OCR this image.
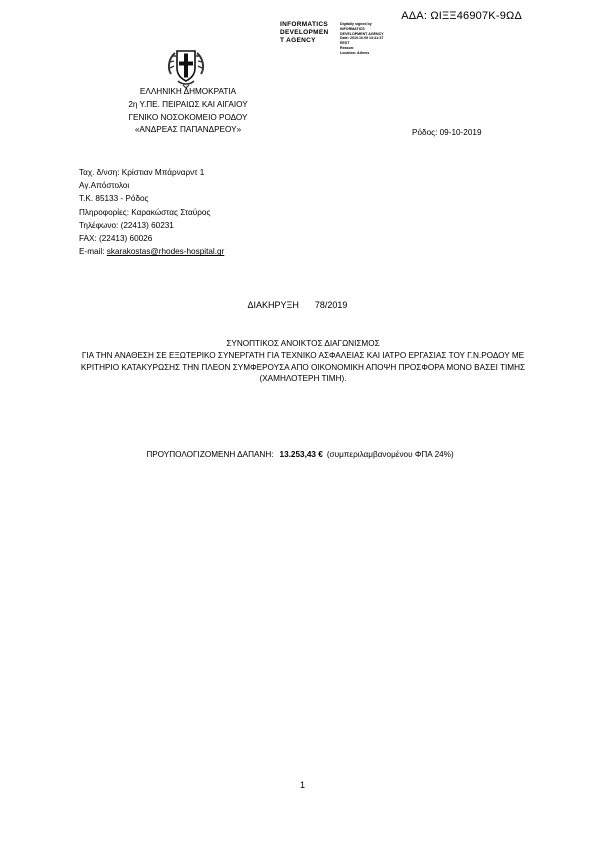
ΑΔΑ: ΩΙΞΞ46907Κ-9ΩΔ
INFORMATICS
DEVELOPMEN
T AGENCY
Digitally signed by
INFORMATICS
DEVELOPMENT AGENCY
Date: 2019.10.09 13:41:37
EEST
Reason:
Location: Athens
ΕΛΛΗΝΙΚΗ ΔΗΜΟΚΡΑΤΙΑ
2η Υ.ΠΕ. ΠΕΙΡΑΙΩΣ ΚΑΙ ΑΙΓΑΙΟΥ
ΓΕΝΙΚΟ ΝΟΣΟΚΟΜΕΙΟ ΡΟΔΟΥ
«ΑΝΔΡΕΑΣ ΠΑΠΑΝΔΡΕΟΥ»	Ρόδος: 09-10-2019
Ταχ. δ/νση: Κρίστιαν Μπάρναρντ 1
Αγ.Απόστολοι
Τ.Κ. 85133 - Ρόδος
Πληροφορίες: Καρακώστας Σταύρος
Τηλέφωνο: (22413) 60231
FAX: (22413) 60026
E-mail: skarakostas@rhodes-hospital.gr
ΔΙΑΚΗΡΥΞΗ 78/2019
ΣΥΝΟΠΤΙΚΟΣ ΑΝΟΙΚΤΟΣ ΔΙΑΓΩΝΙΣΜΟΣ
ΓΙΑ ΤΗΝ ΑΝΑΘΕΣΗ ΣΕ ΕΞΩΤΕΡΙΚΟ ΣΥΝΕΡΓΑΤΗ ΓΙΑ ΤΕΧΝΙΚΟ ΑΣΦΑΛΕΙΑΣ ΚΑΙ ΙΑΤΡΟ ΕΡΓΑΣΙΑΣ ΤΟΥ Γ.Ν.ΡΟΔΟΥ ΜΕ ΚΡΙΤΗΡΙΟ ΚΑΤΑΚΥΡΩΣΗΣ ΤΗΝ ΠΛΕΟΝ ΣΥΜΦΕΡΟΥΣΑ ΑΠΟ ΟΙΚΟΝΟΜΙΚΗ ΑΠΟΨΗ ΠΡΟΣΦΟΡΑ ΜΟΝΟ ΒΑΣΕΙ ΤΙΜΗΣ (ΧΑΜΗΛΟΤΕΡΗ ΤΙΜΗ).
ΠΡΟΥΠΟΛΟΓΙΖΟΜΕΝΗ ΔΑΠΑΝΗ: 13.253,43 € (συμπεριλαμβανομένου ΦΠΑ 24%)
1
